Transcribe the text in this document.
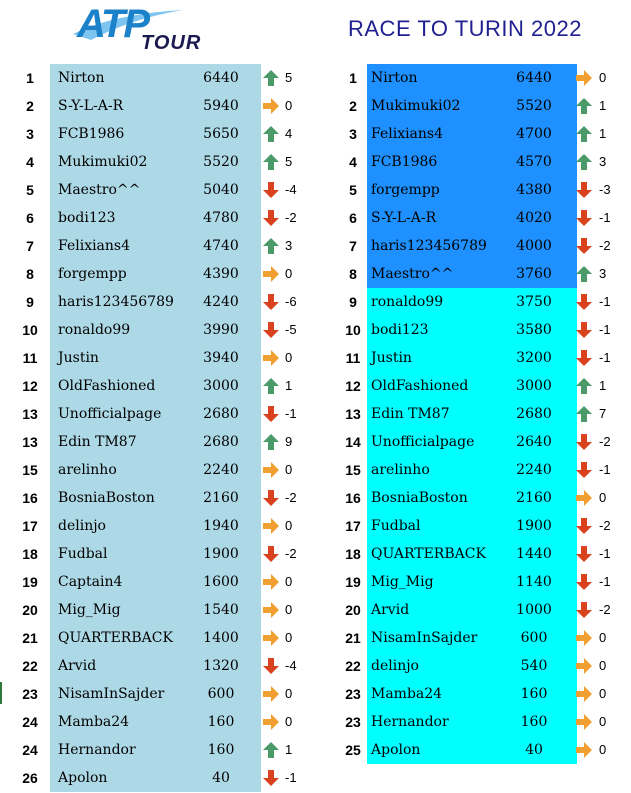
ATP
TOUR
RACE TO TURIN 2022
1	Nirton	6440	5
2	S-Y-L-A-R	5940	0
3	FCB1986	5650	4
4	Mukimuki02	5520	5
5	Maestro^^	5040	-4
6	bodi123	4780	-2
7	Felixians4	4740	3
8	forgempp	4390	0
9	haris123456789	4240	-6
10	ronaldo99	3990	-5
11	Justin	3940	0
12	OldFashioned	3000	1
13	Unofficialpage	2680	-1
13	Edin TM87	2680	9
15	arelinho	2240	0
16	BosniaBoston	2160	-2
17	delinjo	1940	0
18	Fudbal	1900	-2
19	Captain4	1600	0
20	Mig_Mig	1540	0
21	QUARTERBACK	1400	0
22	Arvid	1320	-4
23	NisamInSajder	600	0
24	Mamba24	160	0
24	Hernandor	160	1
26	Apolon	40	-1
1	Nirton	6440	0
2	Mukimuki02	5520	1
3	Felixians4	4700	1
4	FCB1986	4570	3
5	forgempp	4380	-3
6	S-Y-L-A-R	4020	-1
7	haris123456789	4000	-2
8	Maestro^^	3760	3
9	ronaldo99	3750	-1
10 bodi123	3580	-1
11 Justin	3200	-1
12 OldFashioned	3000	1
13 Edin TM87	2680	7
14 Unofficialpage	2640	-2
15 arelinho	2240	-1
16 BosniaBoston	2160	0
17 Fudbal	1900	-2
18 QUARTERBACK	1440	-1
19 Mig_Mig	1140	-1
20 Arvid	1000	-2
21 NisamInSajder	600	0
22 delinjo	540	0
23 Mamba24	160	0
23 Hernandor	160	0
25 Apolon	40	0
